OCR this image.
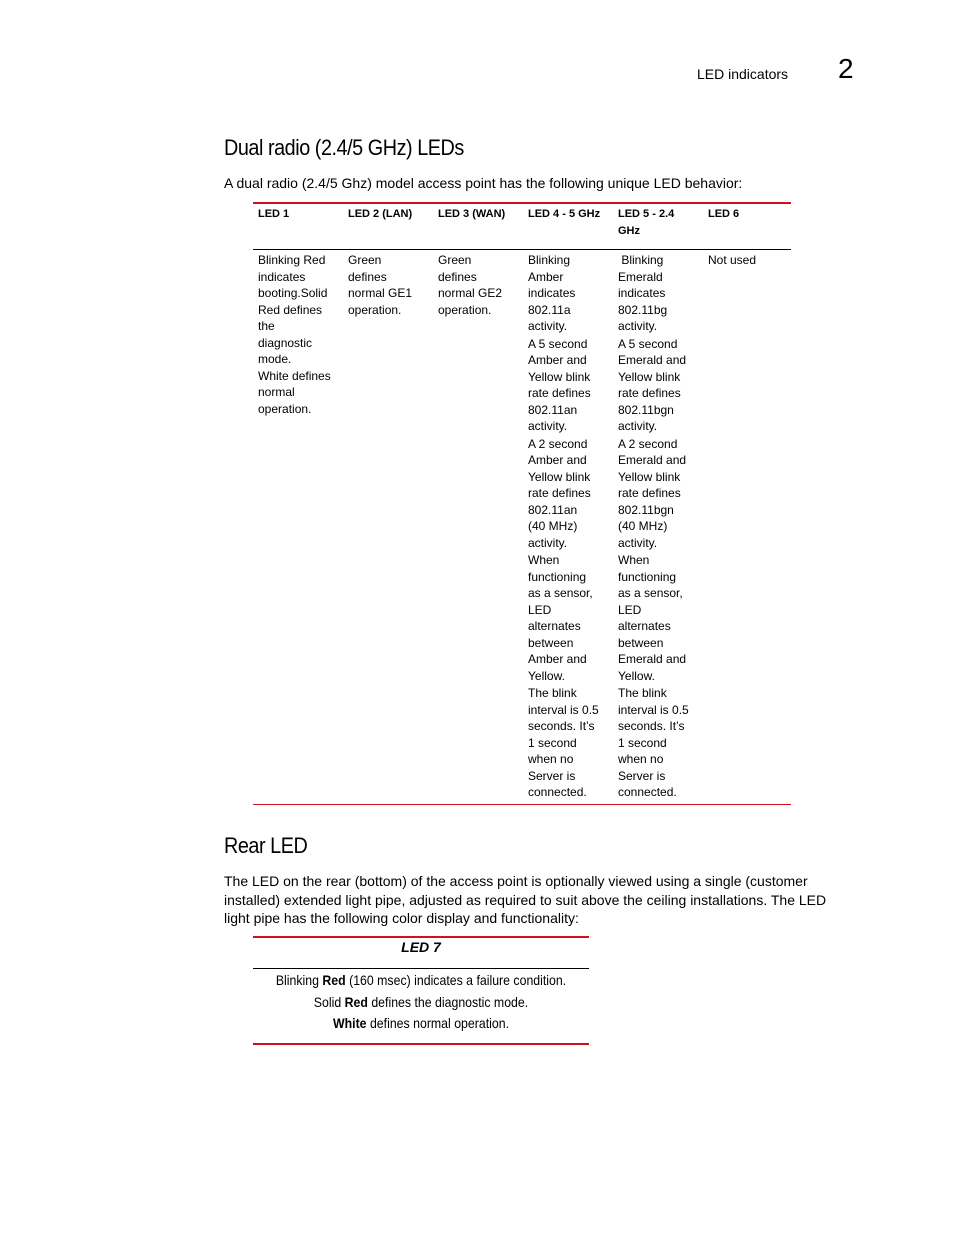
LED indicators 2
Dual radio (2.4/5 GHz) LEDs
A dual radio (2.4/5 Ghz) model access point has the following unique LED behavior:
LED 1	LED 2 (LAN) LED 3 (WAN) LED 4 - 5 GHz LED 5 - 2.4
GHz
LED 6
Blinking Red
indicates
booting.Solid
Red defines
the
diagnostic
mode.
White defines
normal
operation.
Green
defines
normal GE1
operation.
Green
defines
normal GE2
operation.
Blinking
Amber
indicates
802.11a
activity.
A 5 second
Amber and
Yellow blink
rate defines
802.11an
activity.
A 2 second
Amber and
Yellow blink
rate defines
802.11an
(40 MHz)
activity.
When
functioning
as a sensor,
LED
alternates
between
Amber and
Yellow.
The blink
interval is 0.5
seconds. It’s
1 second
when no
Server is
connected.
Blinking
Emerald
indicates
802.11bg
activity.
A 5 second
Emerald and
Yellow blink
rate defines
802.11bgn
activity.
A 2 second
Emerald and
Yellow blink
rate defines
802.11bgn
(40 MHz)
activity.
When
functioning
as a sensor,
LED
alternates
between
Emerald and
Yellow.
The blink
interval is 0.5
seconds. It’s
1 second
when no
Server is
connected.
Not used
Rear LED
The LED on the rear (bottom) of the access point is optionally viewed using a single (customer
installed) extended light pipe, adjusted as required to suit above the ceiling installations. The LED
light pipe has the following color display and functionality:
LED 7
Blinking Red (160 msec) indicates a failure condition.
Solid Red defines the diagnostic mode.
White defines normal operation.
